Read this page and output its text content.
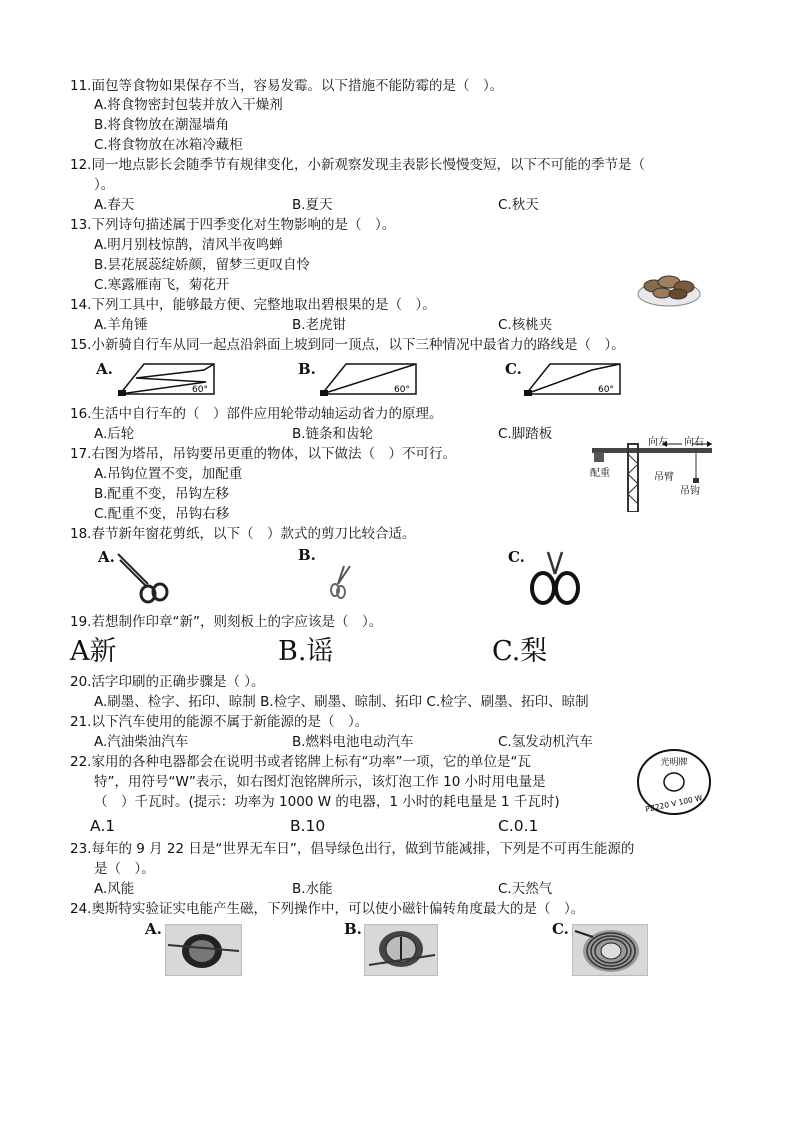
11.面包等食物如果保存不当，容易发霉。以下措施不能防霉的是（　）。
A.将食物密封包装并放入干燥剂
B.将食物放在潮湿墙角
C.将食物放在冰箱冷藏柜
12.同一地点影长会随季节有规律变化，小新观察发现圭表影长慢慢变短，以下不可能的季节是（
）。
A.春天	B.夏天	C.秋天
13.下列诗句描述属于四季变化对生物影响的是（　）。
A.明月别枝惊鹊，清风半夜鸣蝉
B.昙花展蕊绽娇颜，留梦三更叹自怜
C.寒露雁南飞，菊花开
14.下列工具中，能够最方便、完整地取出碧根果的是（　）。
A.羊角锤	B.老虎钳	C.核桃夹
15.小新骑自行车从同一起点沿斜面上坡到同一顶点，以下三种情况中最省力的路线是（　）。
A.	B.	C.
60°	60°	60°
16.生活中自行车的（　）部件应用轮带动轴运动省力的原理。
A.后轮	B.链条和齿轮	C.脚踏板
17.右图为塔吊，吊钩要吊更重的物体，以下做法（　）不可行。
A.吊钩位置不变，加配重
B.配重不变，吊钩左移
C.配重不变，吊钩右移
向左 向右
配重	吊臂
吊钩
18.春节新年窗花剪纸，以下（　）款式的剪刀比较合适。
A.	B.	C.
19.若想制作印章“新”，则刻板上的字应该是（　）。
A新	B.谣	C.梨
20.活字印刷的正确步骤是（ ）。
A.刷墨、检字、拓印、晾制 B.检字、刷墨、晾制、拓印 C.检字、刷墨、拓印、晾制
21.以下汽车使用的能源不属于新能源的是（　）。
A.汽油柴油汽车	B.燃料电池电动汽车	C.氢发动机汽车
22.家用的各种电器都会在说明书或者铭牌上标有“功率”一项，它的单位是“瓦
特”，用符号“W”表示，如右图灯泡铭牌所示，该灯泡工作 10 小时用电量是
（　）千瓦时。(提示：功率为 1000 W 的电器，1 小时的耗电量是 1 千瓦时)
A.1	B.10	C.0.1
光明牌
PZ220 V 100 W
23.每年的 9 月 22 日是“世界无车日”，倡导绿色出行，做到节能减排，下列是不可再生能源的
是（　）。
A.风能	B.水能	C.天然气
24.奥斯特实验证实电能产生磁，下列操作中，可以使小磁针偏转角度最大的是（　）。
A.	B.	C.
